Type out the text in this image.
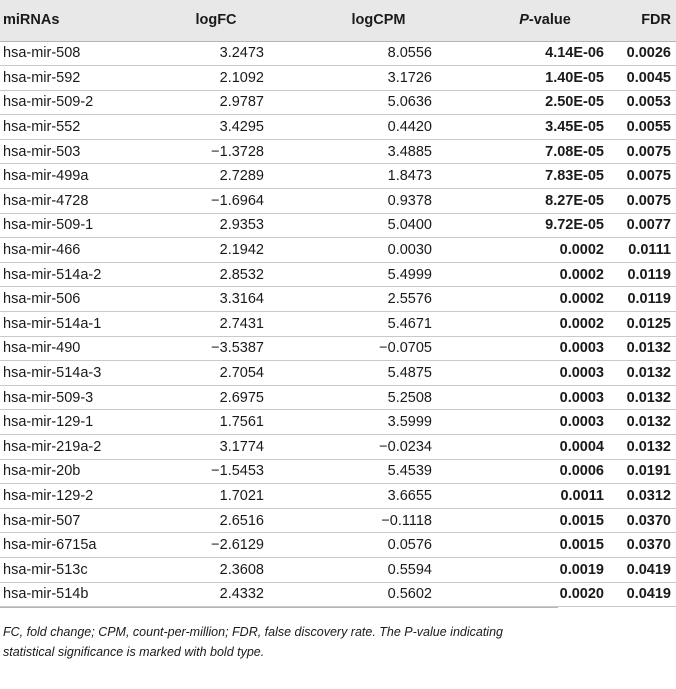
miRNAs	logFC	logCPM	P-value	FDR
hsa-mir-508	3.2473	8.0556	4.14E-06	0.0026
hsa-mir-592	2.1092	3.1726	1.40E-05	0.0045
hsa-mir-509-2	2.9787	5.0636	2.50E-05	0.0053
hsa-mir-552	3.4295	0.4420	3.45E-05	0.0055
hsa-mir-503	−1.3728	3.4885	7.08E-05	0.0075
hsa-mir-499a	2.7289	1.8473	7.83E-05	0.0075
hsa-mir-4728	−1.6964	0.9378	8.27E-05	0.0075
hsa-mir-509-1	2.9353	5.0400	9.72E-05	0.0077
hsa-mir-466	2.1942	0.0030	0.0002	0.0111
hsa-mir-514a-2	2.8532	5.4999	0.0002	0.0119
hsa-mir-506	3.3164	2.5576	0.0002	0.0119
hsa-mir-514a-1	2.7431	5.4671	0.0002	0.0125
hsa-mir-490	−3.5387	−0.0705	0.0003	0.0132
hsa-mir-514a-3	2.7054	5.4875	0.0003	0.0132
hsa-mir-509-3	2.6975	5.2508	0.0003	0.0132
hsa-mir-129-1	1.7561	3.5999	0.0003	0.0132
hsa-mir-219a-2	3.1774	−0.0234	0.0004	0.0132
hsa-mir-20b	−1.5453	5.4539	0.0006	0.0191
hsa-mir-129-2	1.7021	3.6655	0.0011	0.0312
hsa-mir-507	2.6516	−0.1118	0.0015	0.0370
hsa-mir-6715a	−2.6129	0.0576	0.0015	0.0370
hsa-mir-513c	2.3608	0.5594	0.0019	0.0419
hsa-mir-514b	2.4332	0.5602	0.0020	0.0419
FC, fold change; CPM, count-per-million; FDR, false discovery rate. The P-value indicating
statistical significance is marked with bold type.
